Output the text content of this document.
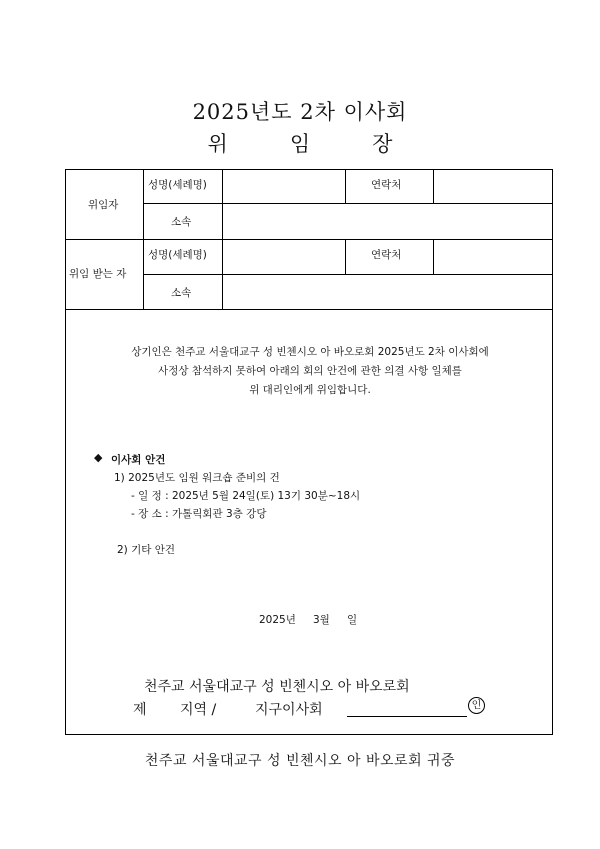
2025년도 2차 이사회
위	임	장
위임자
성명(세례명)	연락처
소속
위임 받는 자
성명(세례명)	연락처
소속
상기인은 천주교 서울대교구 성 빈첸시오 아 바오로회 2025년도 2차 이사회에
사정상 참석하지 못하여 아래의 회의 안건에 관한 의결 사항 일체를
위 대리인에게 위임합니다.
◆ 이사회 안건
1) 2025년도 임원 워크숍 준비의 건
- 일 정 : 2025년 5월 24일(토) 13기 30분~18시
- 장 소 : 가톨릭회관 3층 강당
2) 기타 안건
2025년 3월 일
천주교 서울대교구 성 빈첸시오 아 바오로회
제 지역 /	지구이사회	인
천주교 서울대교구 성 빈첸시오 아 바오로회 귀중
